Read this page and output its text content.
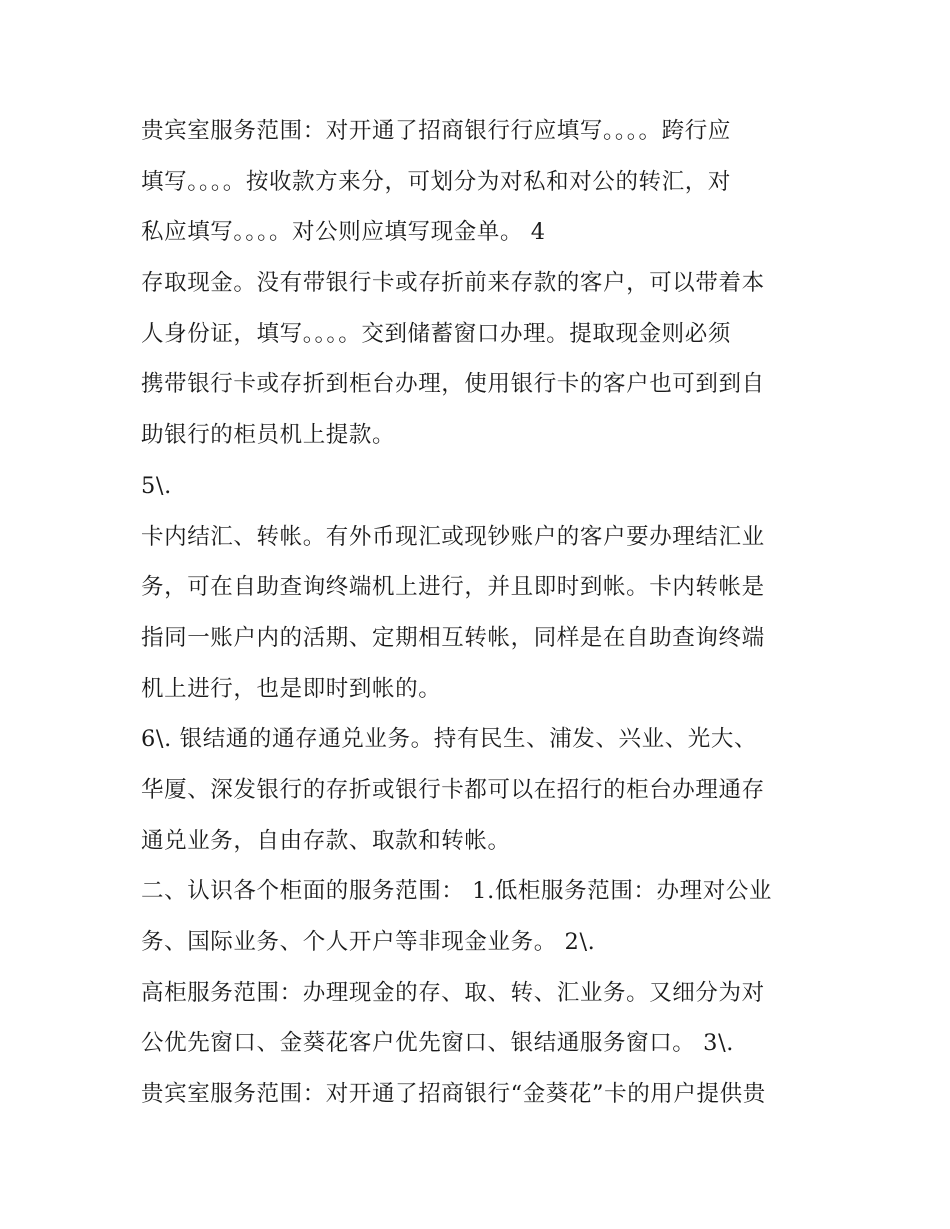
贵宾室服务范围：对开通了招商银行行应填写。。。。跨行应
填写。。。。按收款方来分，可划分为对私和对公的转汇，对
私应填写。。。。对公则应填写现金单。 4
存取现金。没有带银行卡或存折前来存款的客户，可以带着本
人身份证，填写。。。。交到储蓄窗口办理。提取现金则必须
携带银行卡或存折到柜台办理，使用银行卡的客户也可到到自
助银行的柜员机上提款。
5\.
卡内结汇、转帐。有外币现汇或现钞账户的客户要办理结汇业
务，可在自助查询终端机上进行，并且即时到帐。卡内转帐是
指同一账户内的活期、定期相互转帐，同样是在自助查询终端
机上进行，也是即时到帐的。
6\. 银结通的通存通兑业务。持有民生、浦发、兴业、光大、
华厦、深发银行的存折或银行卡都可以在招行的柜台办理通存
通兑业务，自由存款、取款和转帐。
二、认识各个柜面的服务范围： 1.低柜服务范围：办理对公业
务、国际业务、个人开户等非现金业务。 2\.
高柜服务范围：办理现金的存、取、转、汇业务。又细分为对
公优先窗口、金葵花客户优先窗口、银结通服务窗口。 3\.
贵宾室服务范围：对开通了招商银行“金葵花”卡的用户提供贵
